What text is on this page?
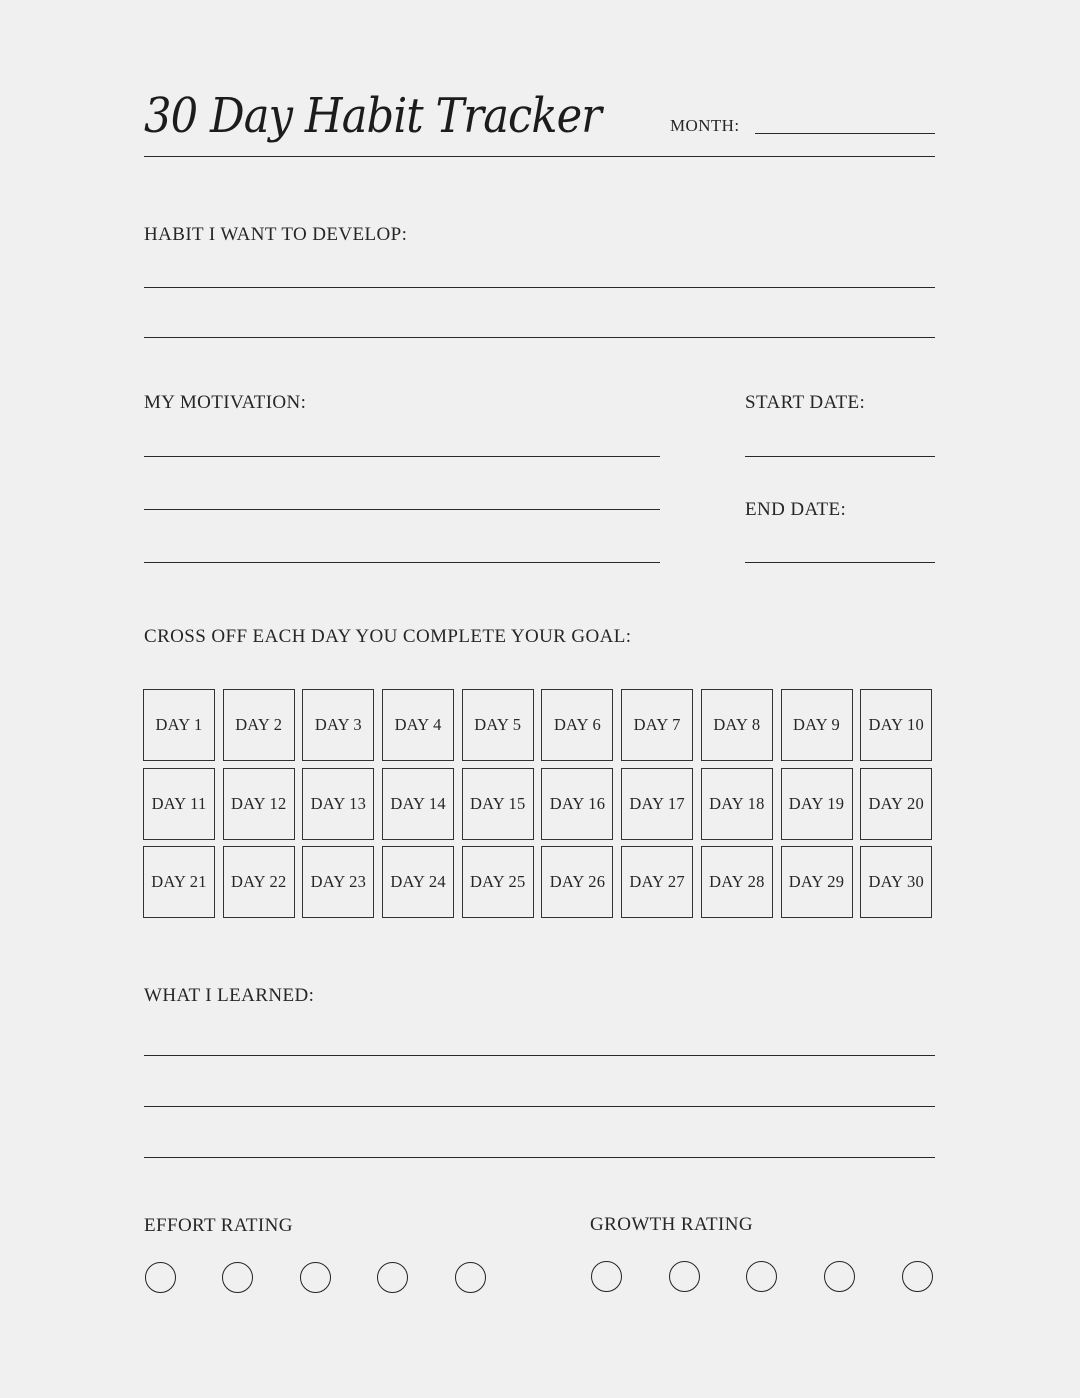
30 Day Habit Tracker	MONTH:
HABIT I WANT TO DEVELOP:
MY MOTIVATION:	START DATE:
END DATE:
CROSS OFF EACH DAY YOU COMPLETE YOUR GOAL:
DAY 1	DAY 2	DAY 3	DAY 4	DAY 5	DAY 6	DAY 7	DAY 8	DAY 9	DAY 10
DAY 11	DAY 12	DAY 13	DAY 14	DAY 15	DAY 16	DAY 17	DAY 18	DAY 19	DAY 20
DAY 21	DAY 22	DAY 23	DAY 24	DAY 25	DAY 26	DAY 27	DAY 28	DAY 29	DAY 30
WHAT I LEARNED:
EFFORT RATING	GROWTH RATING
